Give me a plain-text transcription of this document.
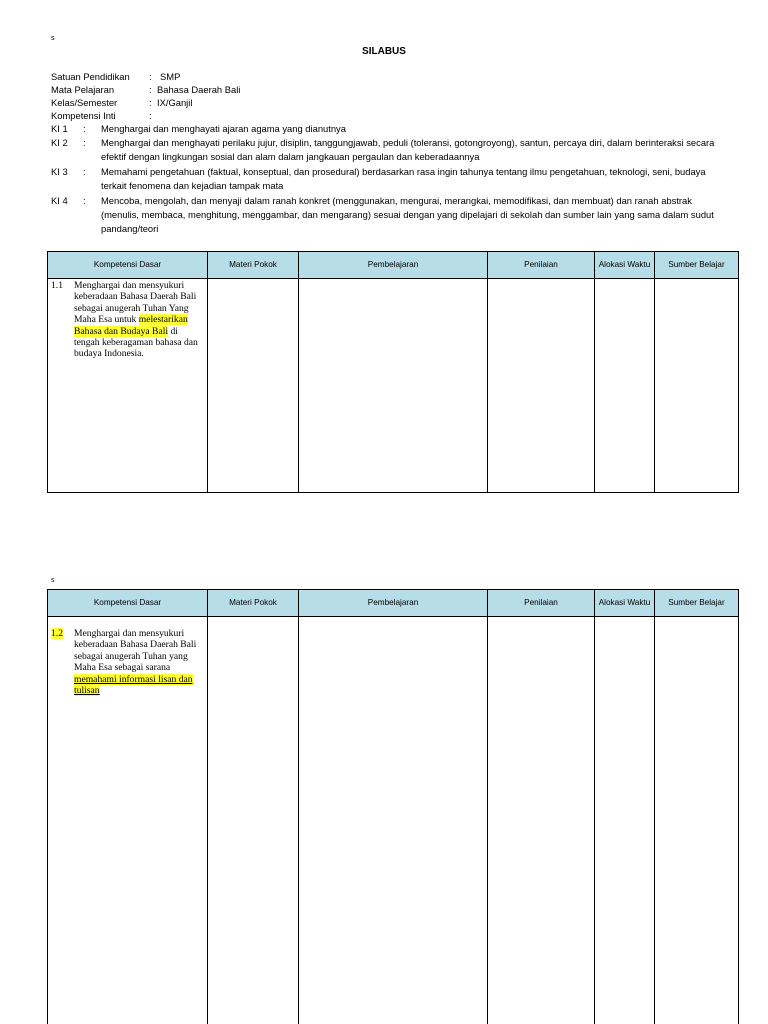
s
SILABUS
Satuan Pendidikan : SMP
Mata Pelajaran	: Bahasa Daerah Bali
Kelas/Semester	: IX/Ganjil
Kompetensi Inti	:
KI 1 : Menghargai dan menghayati ajaran agama yang dianutnya
KI 2 : Menghargai dan menghayati perilaku jujur, disiplin, tanggungjawab, peduli (toleransi, gotongroyong), santun, percaya diri, dalam berinteraksi secara efektif dengan lingkungan sosial dan alam dalam jangkauan pergaulan dan keberadaannya
KI 3 : Memahami pengetahuan (faktual, konseptual, dan prosedural) berdasarkan rasa ingin tahunya tentang ilmu pengetahuan, teknologi, seni, budaya terkait fenomena dan kejadian tampak mata
KI 4 : Mencoba, mengolah, dan menyaji dalam ranah konkret (menggunakan, mengurai, merangkai, memodifikasi, dan membuat) dan ranah abstrak (menulis, membaca, menghitung, menggambar, dan mengarang) sesuai dengan yang dipelajari di sekolah dan sumber lain yang sama dalam sudut pandang/teori
Kompetensi Dasar	Materi Pokok	Pembelajaran	Penilaian	Alokasi Waktu	Sumber Belajar

1.1 Menghargai dan mensyukuri keberadaan Bahasa Daerah Bali sebagai anugerah Tuhan Yang Maha Esa untuk melestarikan Bahasa dan Budaya Bali di tengah keberagaman bahasa dan budaya Indonesia.					

s
Kompetensi Dasar	Materi Pokok	Pembelajaran	Penilaian	Alokasi Waktu	Sumber Belajar

1.2 Menghargai dan mensyukuri keberadaan Bahasa Daerah Bali sebagai anugerah Tuhan yang Maha Esa sebagai sarana memahami informasi lisan dan tulisan					
